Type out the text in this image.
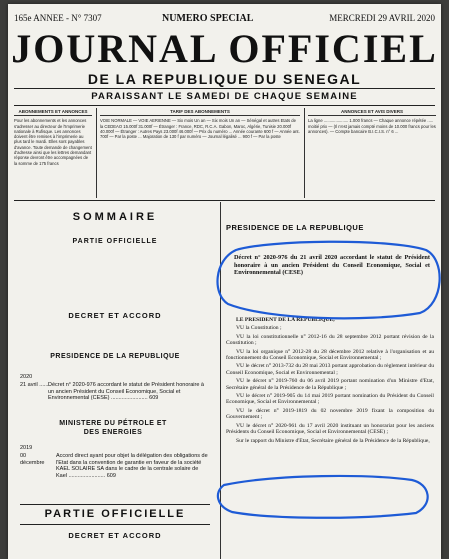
165e ANNEE - N° 7307	NUMERO SPECIAL	MERCREDI 29 AVRIL 2020
JOURNAL OFFICIEL
DE LA REPUBLIQUE DU SENEGAL
PARAISSANT LE SAMEDI DE CHAQUE SEMAINE
ABONNEMENTS ET ANNONCES
Pour les abonnements et les annonces s'adresser au directeur de l'Imprimerie nationale à Rufisque. Les annonces doivent être remises à l'imprimerie au plus tard le mardi. Elles sont payables d'avance. Toute demande de changement d'adresse ainsi que les lettres demandant réponse devront être accompagnées de la somme de 175 francs
TARIF DES ABONNEMENTS
VOIE NORMALE — VOIE AERIENNE — Six mois Un an — Six mois Un an — Sénégal et autres Etats de la CEDEAO 15.000f 31.000f — Étranger : France, RDC, R.C.A. Gabon, Maroc, Algérie, Tunisie 20.000f 40.000f — Étranger : Autres Pays 23.000f 46.000f — Prix du numéro ... Année courante 600 f — Année ant. 700f — Par la poste ... Majoration de 130 f par numéro — Journal légalisé ... 900 f — Par la poste
ANNONCES ET AVIS DIVERS
La ligne ..................... 1.000 francs — Chaque annonce répétée ..... moitié prix — (Il n'est jamais compté moins de 10.000 francs pour les annonces). — Compte bancaire B.I.C.I.S. n° 6 ...
SOMMAIRE
PARTIE OFFICIELLE
DECRET ET ACCORD
PRESIDENCE DE LA REPUBLIQUE
2020
21 avril .......
Décret n° 2020-976 accordant le statut de Président honoraire à un ancien Président du Conseil Economique, Social et Environnemental (CESE) ........................ 609
MINISTERE DU PÉTROLE ET DES ENERGIES
2019
00 décembre
Accord direct ayant pour objet la délégation des obligations de l'Etat dans la convention de garantie en faveur de la société KAEL SOLAIRE SA dans le cadre de la centrale solaire de Kael ........................ 609
PARTIE OFFICIELLE
DECRET ET ACCORD
PRESIDENCE DE LA REPUBLIQUE
Décret n° 2020-976 du 21 avril 2020 accordant le statut de Président honoraire à un ancien Président du Conseil Economique, Social et Environnemental (CESE)

LE PRESIDENT DE LA REPUBLIQUE,

VU la Constitution ;

VU la loi constitutionnelle n° 2012-16 du 28 septembre 2012 portant révision de la Constitution ;

VU la loi organique n° 2012-28 du 28 décembre 2012 relative à l'organisation et au fonctionnement du Conseil Economique, Social et Environnemental ;

VU le décret n° 2013-732 du 28 mai 2013 portant approbation du règlement intérieur du Conseil Economique, Social et Environnemental ;

VU le décret n° 2019-760 du 06 avril 2019 portant nomination d'un Ministre d'Etat, Secrétaire général de la Présidence de la République ;

VU le décret n° 2019-905 du 14 mai 2019 portant nomination du Président du Conseil Economique, Social et Environnemental ;

VU le décret n° 2019-1819 du 02 novembre 2019 fixant la composition du Gouvernement ;

VU le décret n° 2020-961 du 17 avril 2020 instituant un honorariat pour les anciens Présidents du Conseil Economique, Social et Environnemental (CESE) ;

Sur le rapport du Ministre d'Etat, Secrétaire général de la Présidence de la République,
